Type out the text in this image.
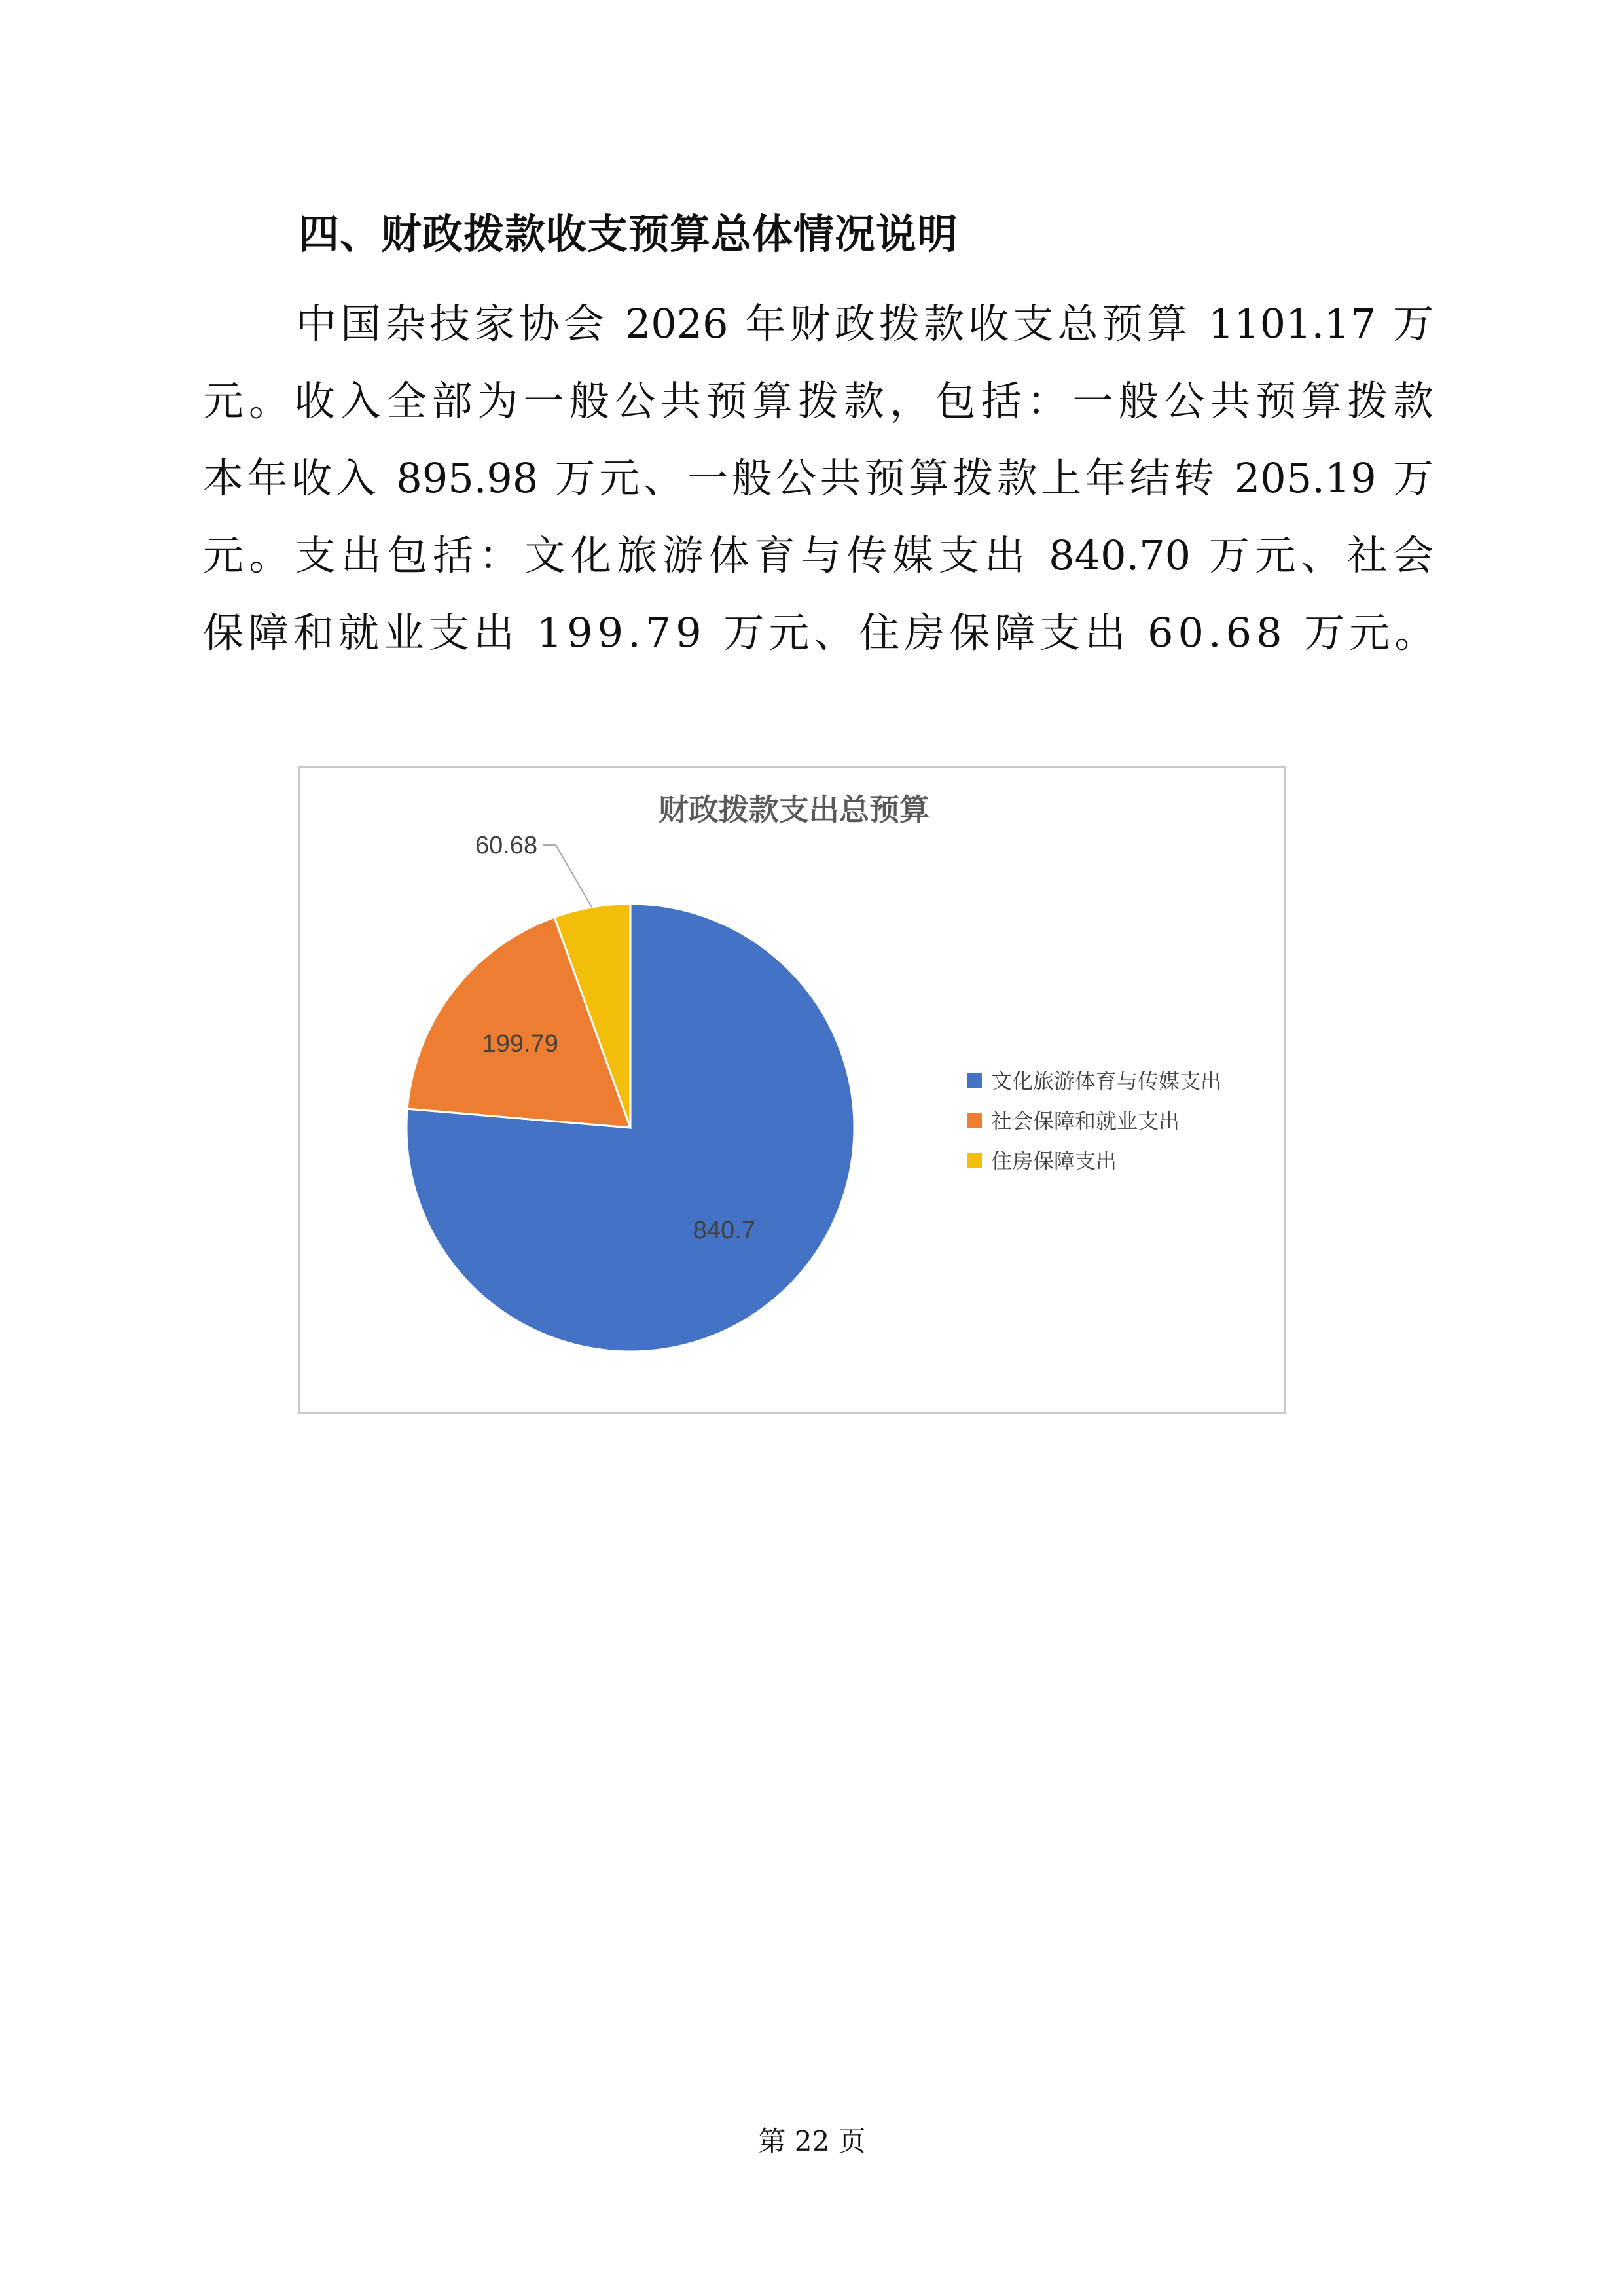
四、财政拨款收支预算总体情况说明
中国杂技家协会 2026 年财政拨款收支总预算 1101.17 万
元。收入全部为一般公共预算拨款，包括：一般公共预算拨款
本年收入 895.98 万元、一般公共预算拨款上年结转 205.19 万
元。支出包括：文化旅游体育与传媒支出 840.70 万元、社会
保障和就业支出 199.79 万元、住房保障支出 60.68 万元。
财政拨款支出总预算
840.7
199.79
60.68
文化旅游体育与传媒支出
社会保障和就业支出
住房保障支出
第 22 页
